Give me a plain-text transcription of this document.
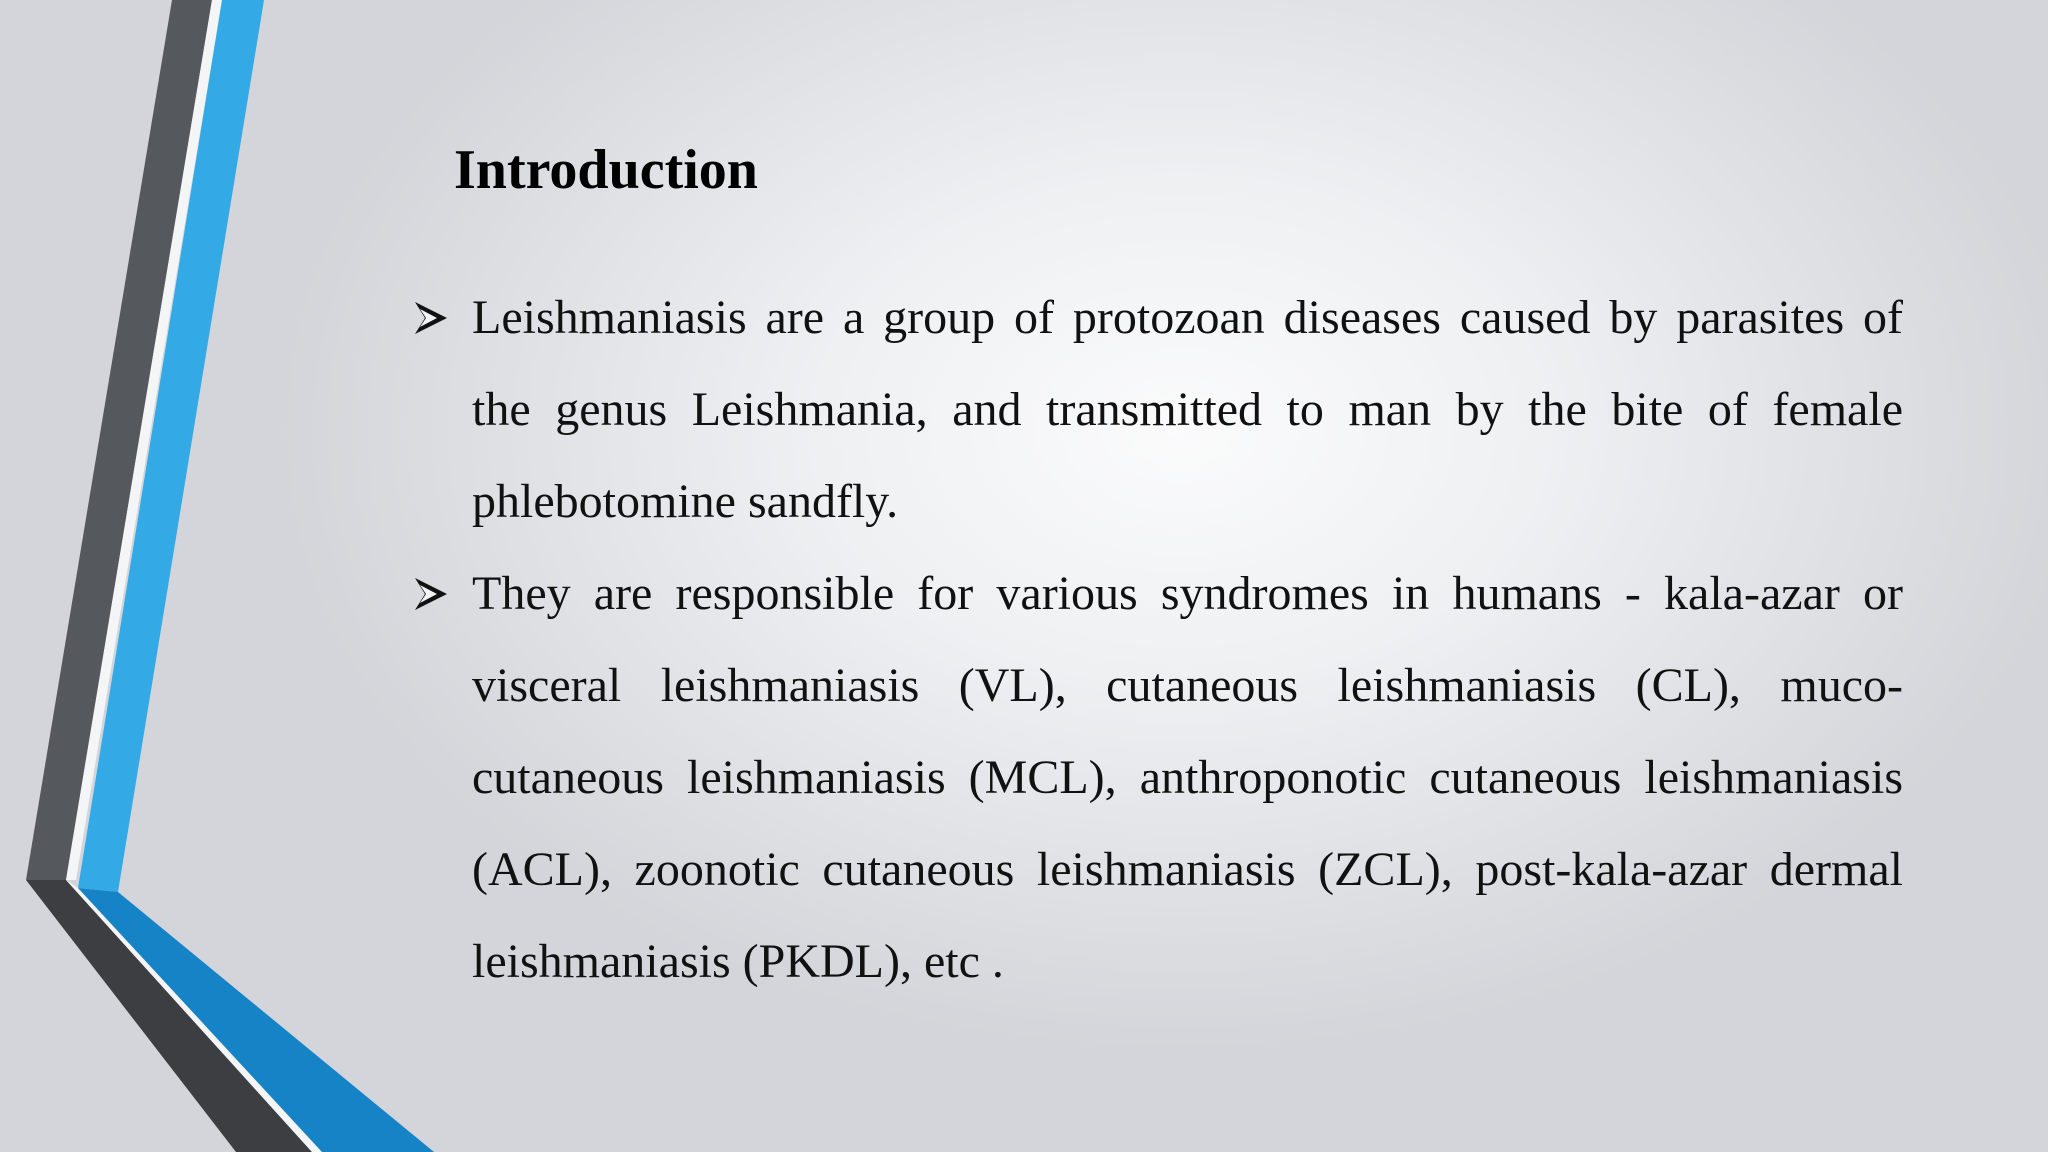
Introduction
Leishmaniasis are a group of protozoan diseases caused by parasites of the genus Leishmania, and transmitted to man by the bite of female phlebotomine sandfly.
They are responsible for various syndromes in humans - kala-azar or visceral leishmaniasis (VL), cutaneous leishmaniasis (CL), muco-cutaneous leishmaniasis (MCL), anthroponotic cutaneous leishmaniasis (ACL), zoonotic cutaneous leishmaniasis (ZCL), post-kala-azar dermal leishmaniasis (PKDL), etc .
